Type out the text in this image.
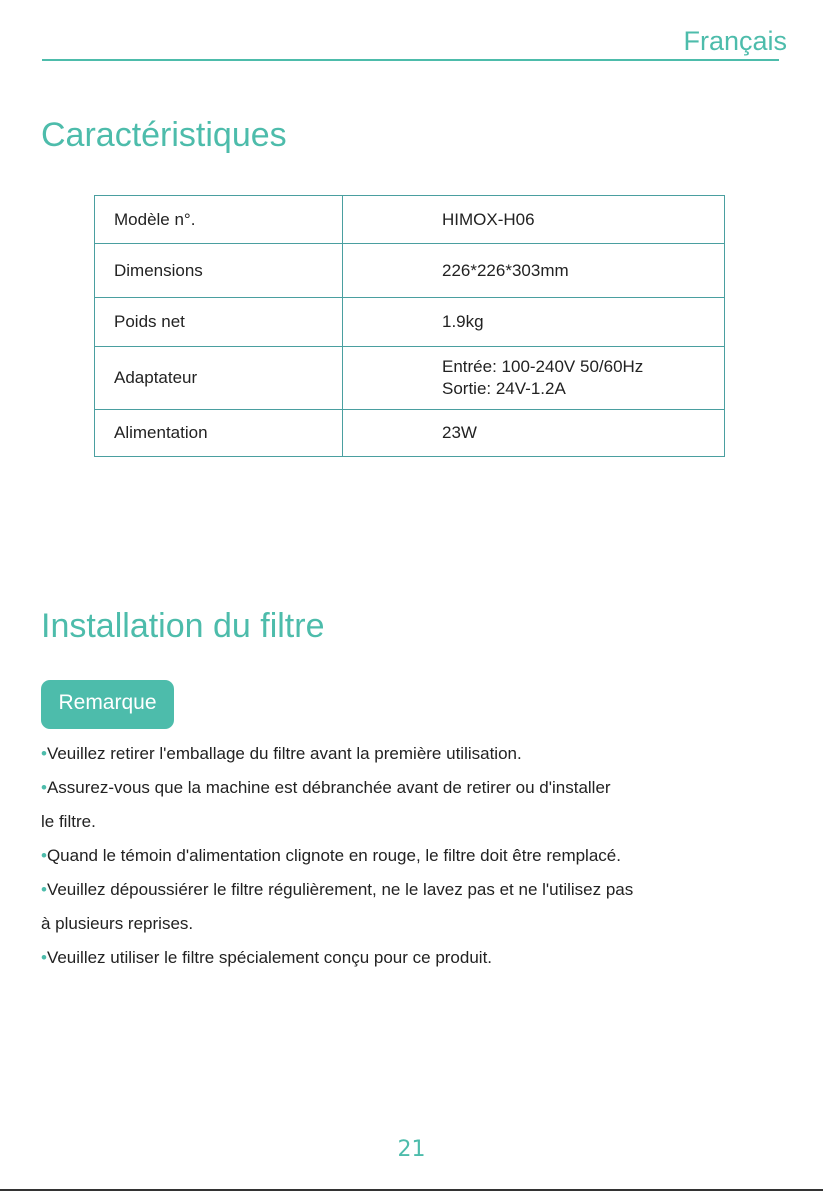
Français
Caractéristiques
Modèle n°.	HIMOX-H06

Dimensions	226*226*303mm

Poids net	1.9kg

Adaptateur	Entrée: 100-240V 50/60Hz
Sortie: 24V-1.2A

Alimentation	23W
Installation du filtre
Remarque
•Veuillez retirer l'emballage du filtre avant la première utilisation.
•Assurez-vous que la machine est débranchée avant de retirer ou d'installer
le filtre.
•Quand le témoin d'alimentation clignote en rouge, le filtre doit être remplacé.
•Veuillez dépoussiérer le filtre régulièrement, ne le lavez pas et ne l'utilisez pas
à plusieurs reprises.
•Veuillez utiliser le filtre spécialement conçu pour ce produit.
21
